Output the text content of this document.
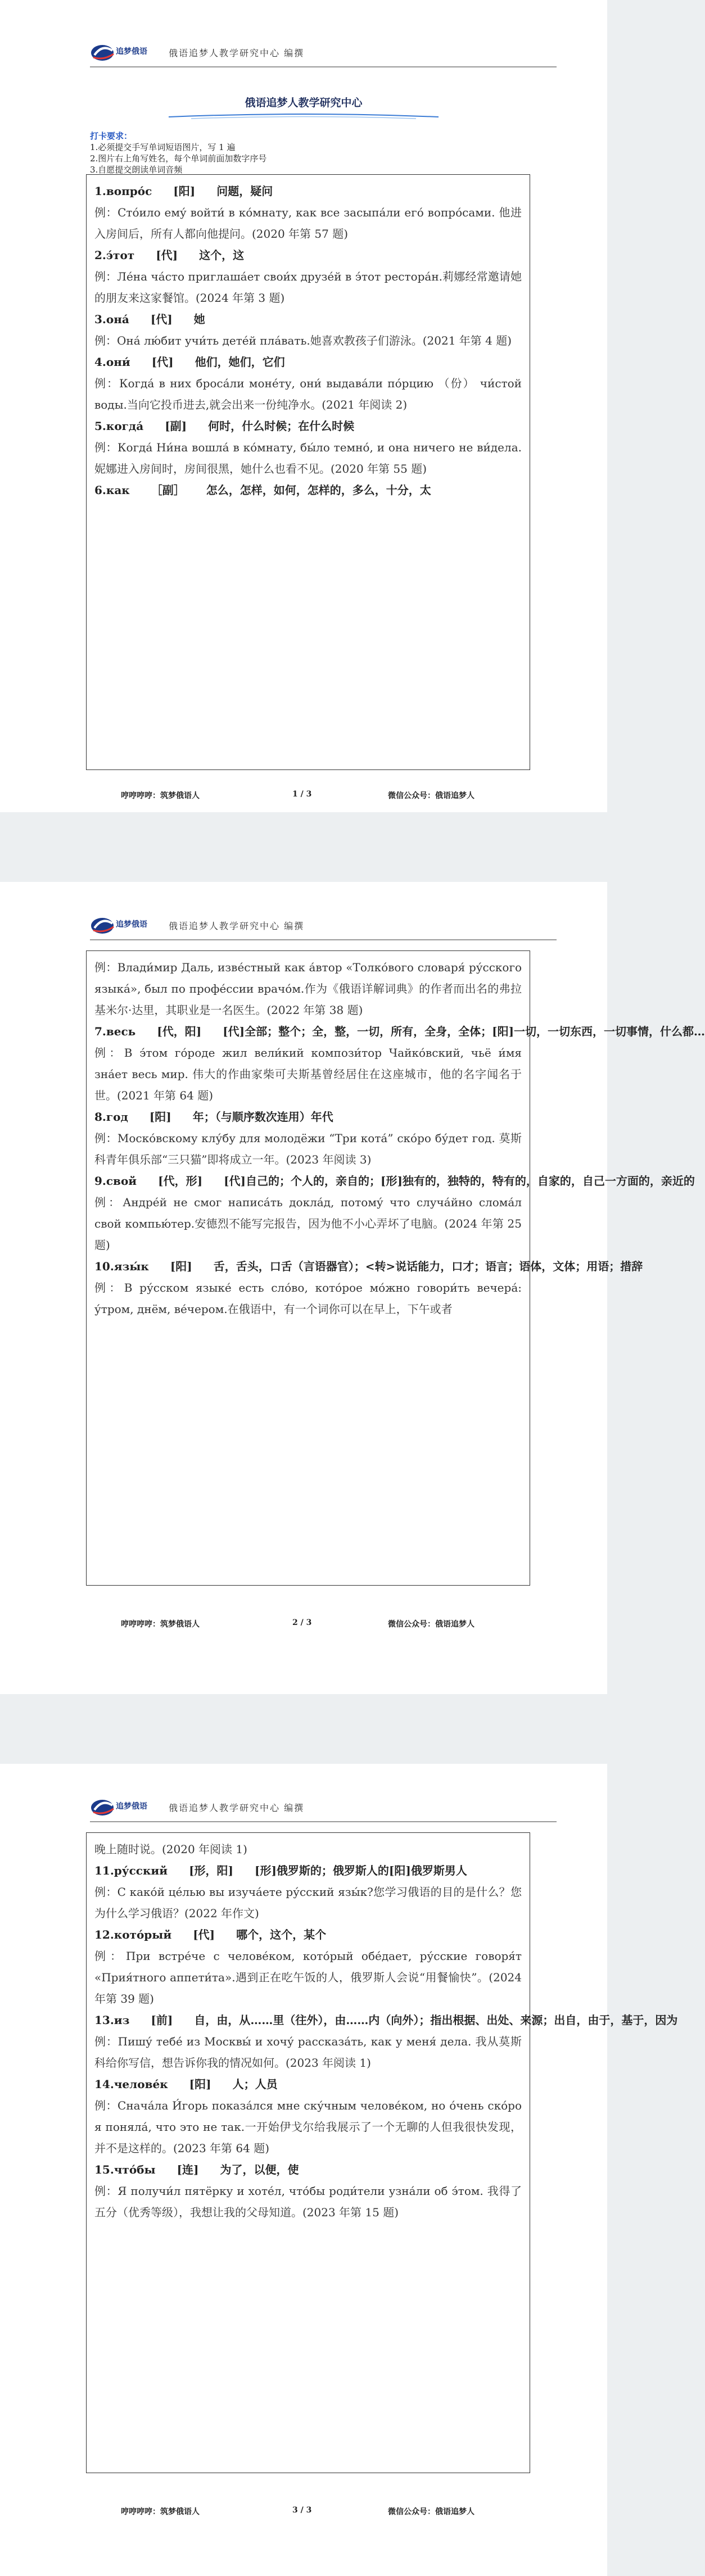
追梦俄语 俄语追梦人教学研究中心 编撰
俄语追梦人教学研究中心
打卡要求：
1.必须提交手写单词短语图片，写 1 遍
2.图片右上角写姓名，每个单词前面加数字序号
3.自愿提交朗读单词音频
1.вопро́с [阳] 问题，疑问
例：Сто́ило ему́ войти́ в ко́мнату, как все засыпа́ли его́ вопро́сами. 他进入房间后，所有人都向他提问。(2020 年第 57 题)
2.э́тот [代] 这个，这
例：Ле́на ча́сто приглаша́ет свои́х друзе́й в э́тот рестора́н.莉娜经常邀请她的朋友来这家餐馆。(2024 年第 3 题)
3.она́ [代] 她
例：Она́ лю́бит учи́ть дете́й пла́вать.她喜欢教孩子们游泳。(2021 年第 4 题)
4.они́ [代] 他们，她们，它们
例：Когда́ в них броса́ли моне́ту, они́ выдава́ли по́рцию （份） чи́стой воды.当向它投币进去,就会出来一份纯净水。(2021 年阅读 2)
5.когда́ [副] 何时，什么时候；在什么时候
例：Когда́ Ни́на вошла́ в ко́мнату, бы́ло темно́, и она ничего не ви́дела.妮娜进入房间时，房间很黑，她什么也看不见。(2020 年第 55 题)
6.как ［副］ 怎么，怎样，如何，怎样的，多么，十分，太
哼哼哼哼：筑梦俄语人	1 / 3	微信公众号：俄语追梦人
追梦俄语 俄语追梦人教学研究中心 编撰
例：Влади́мир Даль, изве́стный как а́втор «Толко́вого словаря́ ру́сского языка́», был по профе́ссии врачо́м.作为《俄语详解词典》的作者而出名的弗拉基米尔·达里，其职业是一名医生。(2022 年第 38 题)
7.весь [代，阳] [代]全部；整个；全，整，一切，所有，全身，全体；[阳]一切，一切东西，一切事情，什么都…
例：В э́том го́роде жил вели́кий компози́тор Чайко́вский, чьё и́мя зна́ет весь мир. 伟大的作曲家柴可夫斯基曾经居住在这座城市，他的名字闻名于世。(2021 年第 64 题)
8.год [阳] 年；（与顺序数次连用）年代
例：Моско́вскому клу́бу для молодёжи “Три кота́” ско́ро бу́дет год. 莫斯科青年俱乐部“三只猫”即将成立一年。(2023 年阅读 3)
9.свой [代，形] [代]自己的；个人的，亲自的；[形]独有的，独特的，特有的，自家的，自己一方面的，亲近的
例：Андре́й не смог написа́ть докла́д, потому́ что случа́йно слома́л свой компью́тер.安德烈不能写完报告，因为他不小心弄坏了电脑。(2024 年第 25 题)
10.язы́к [阳] 舌，舌头，口舌（言语器官）；<转>说话能力，口才；语言；语体，文体；用语；措辞
例：В ру́сском языке́ есть сло́во, кото́рое мо́жно говори́ть вечера́: у́тром, днём, ве́чером.在俄语中，有一个词你可以在早上，下午或者
哼哼哼哼：筑梦俄语人	2 / 3	微信公众号：俄语追梦人
追梦俄语 俄语追梦人教学研究中心 编撰
晚上随时说。(2020 年阅读 1)
11.ру́сский [形，阳] [形]俄罗斯的；俄罗斯人的[阳]俄罗斯男人
例：С како́й це́лью вы изуча́ете ру́сский язы́к?您学习俄语的目的是什么？您为什么学习俄语？(2022 年作文)
12.кото́рый [代] 哪个，这个，某个
例：При встре́че с челове́ком, кото́рый обе́дает, ру́сские говоря́т «Прия́тного аппети́та».遇到正在吃午饭的人，俄罗斯人会说“用餐愉快”。(2024 年第 39 题)
13.из [前] 自，由，从……里（往外），由……内（向外）；指出根据、出处、来源；出自，由于，基于，因为
例：Пишу́ тебе́ из Москвы́ и хочу́ рассказа́ть, как у меня́ дела. 我从莫斯科给你写信，想告诉你我的情况如何。(2023 年阅读 1)
14.челове́к [阳] 人；人员
例：Снача́ла И́горь показа́лся мне ску́чным челове́ком, но о́чень ско́ро я поняла́, что это не так.一开始伊戈尔给我展示了一个无聊的人但我很快发现，并不是这样的。(2023 年第 64 题)
15.что́бы [连] 为了，以便，使
例：Я получи́л пятёрку и хоте́л, что́бы роди́тели узна́ли об э́том. 我得了五分（优秀等级），我想让我的父母知道。(2023 年第 15 题)
哼哼哼哼：筑梦俄语人	3 / 3	微信公众号：俄语追梦人
